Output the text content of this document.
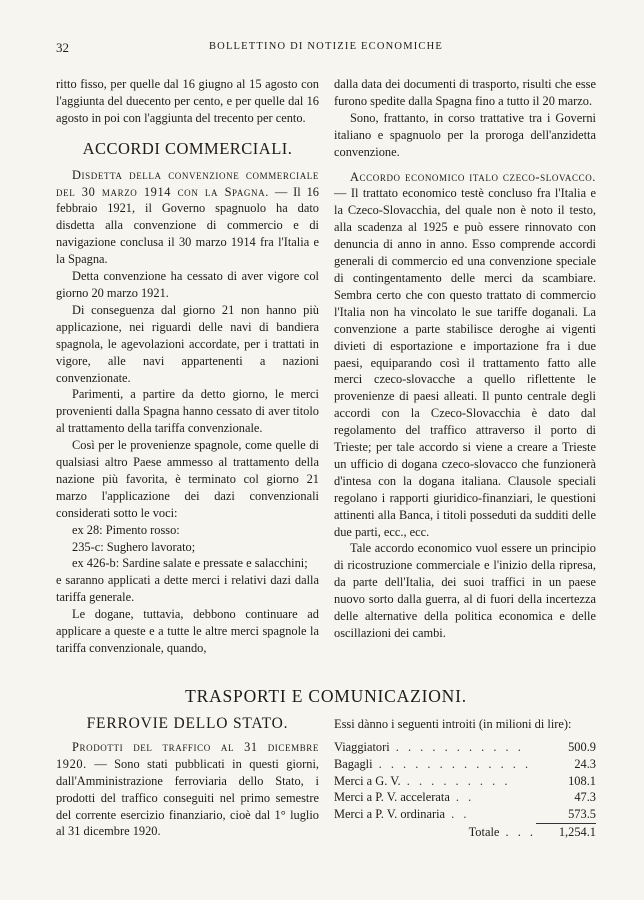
32	BOLLETTINO DI NOTIZIE ECONOMICHE

ritto fisso, per quelle dal 16 giugno al 15 agosto con l'aggiunta del duecento per cento, e per quelle dal 16 agosto in poi con l'aggiunta del trecento per cento.

ACCORDI COMMERCIALI.

Disdetta della convenzione commerciale del 30 marzo 1914 con la Spagna. — Il 16 febbraio 1921, il Governo spagnuolo ha dato disdetta alla convenzione di commercio e di navigazione conclusa il 30 marzo 1914 fra l'Italia e la Spagna.

Detta convenzione ha cessato di aver vigore col giorno 20 marzo 1921.

Di conseguenza dal giorno 21 non hanno più applicazione, nei riguardi delle navi di bandiera spagnola, le agevolazioni accordate, per i trattati in vigore, alle navi appartenenti a nazioni convenzionate.

Parimenti, a partire da detto giorno, le merci provenienti dalla Spagna hanno cessato di aver titolo al trattamento della tariffa convenzionale.

Così per le provenienze spagnole, come quelle di qualsiasi altro Paese ammesso al trattamento della nazione più favorita, è terminato col giorno 21 marzo l'applicazione dei dazi convenzionali considerati sotto le voci:

ex 28: Pimento rosso:

235-c: Sughero lavorato;

ex 426-b: Sardine salate e pressate e salacchini;

e saranno applicati a dette merci i relativi dazi dalla tariffa generale.

Le dogane, tuttavia, debbono continuare ad applicare a queste e a tutte le altre merci spagnole la tariffa convenzionale, quando,

dalla data dei documenti di trasporto, risulti che esse furono spedite dalla Spagna fino a tutto il 20 marzo.

Sono, frattanto, in corso trattative tra i Governi italiano e spagnuolo per la proroga dell'anzidetta convenzione.

Accordo economico italo czeco-slovacco. — Il trattato economico testè concluso fra l'Italia e la Czeco-Slovacchia, del quale non è noto il testo, alla scadenza al 1925 e può essere rinnovato con denuncia di anno in anno. Esso comprende accordi generali di commercio ed una convenzione speciale di contingentamento delle merci da scambiare. Sembra certo che con questo trattato di commercio l'Italia non ha vincolato le sue tariffe doganali. La convenzione a parte stabilisce deroghe ai vigenti divieti di esportazione e importazione fra i due paesi, equiparando così il trattamento fatto alle merci czeco-slovacche a quello riflettente le provenienze di paesi alleati. Il punto centrale degli accordi con la Czeco-Slovacchia è dato dal regolamento del traffico attraverso il porto di Trieste; per tale accordo si viene a creare a Trieste un ufficio di dogana czeco-slovacco che funzionerà d'intesa con la dogana italiana. Clausole speciali regolano i rapporti giuridico-finanziari, le questioni attinenti alla Banca, i titoli posseduti da sudditi delle due parti, ecc., ecc.

Tale accordo economico vuol essere un principio di ricostruzione commerciale e l'inizio della ripresa, da parte dell'Italia, dei suoi traffici in un paese nuovo sorto dalla guerra, al di fuori della incertezza delle alternative della politica economica e delle oscillazioni dei cambi.

TRASPORTI E COMUNICAZIONI.
FERROVIE DELLO STATO.

Prodotti del traffico al 31 dicembre 1920. — Sono stati pubblicati in questi giorni, dall'Amministrazione ferroviaria dello Stato, i prodotti del traffico conseguiti nel primo semestre del corrente esercizio finanziario, cioè dal 1° luglio al 31 dicembre 1920.

Essi dànno i seguenti introiti (in milioni di lire):

Viaggiatori . . . . . . . . . . .	500.9
Bagagli . . . . . . . . . . . . .	24.3
Merci a G. V. . . . . . . . . .	108.1
Merci a P. V. accelerata . .	47.3
Merci a P. V. ordinaria . .	573.5
Totale . . .	1,254.1
